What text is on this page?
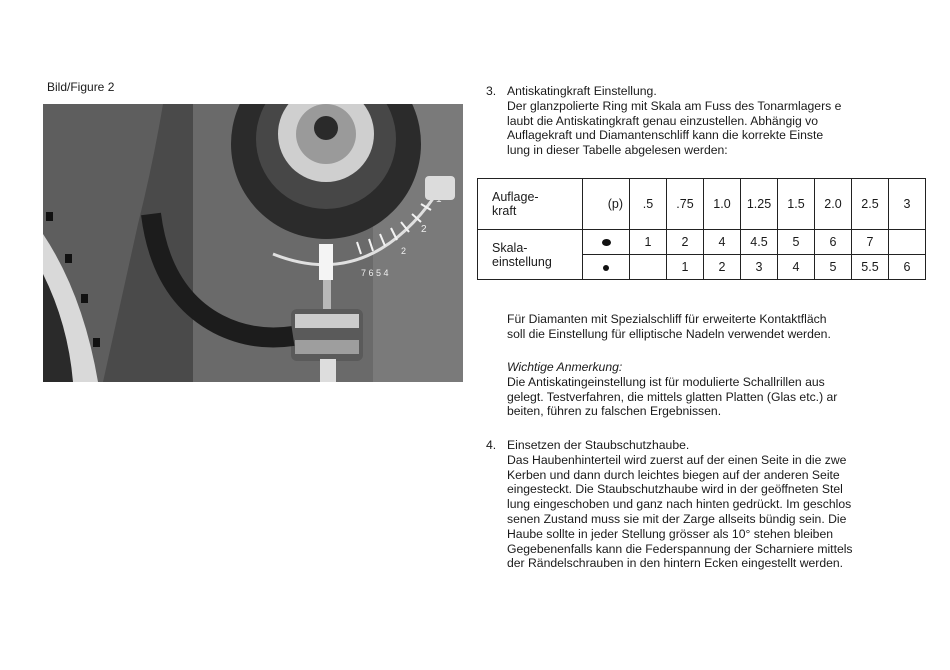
Bild/Figure 2
2
7 6 5 4
2
3. Antiskatingkraft Einstellung.
Der glanzpolierte Ring mit Skala am Fuss des Tonarmlagers e
laubt die Antiskatingkraft genau einzustellen. Abhängig vo
Auflagekraft und Diamantenschliff kann die korrekte Einste
lung in dieser Tabelle abgelesen werden:
Auflage-
kraft	(p)	.5	.75	1.0	1.25	1.5	2.0	2.5	3
Skala-
einstellung		1	2	4	4.5	5	6	7	
			1	2	3	4	5	5.5	6
Für Diamanten mit Spezialschliff für erweiterte Kontaktfläch
soll die Einstellung für elliptische Nadeln verwendet werden.
Wichtige Anmerkung:
Die Antiskatingeinstellung ist für modulierte Schallrillen aus
gelegt. Testverfahren, die mittels glatten Platten (Glas etc.) ar
beiten, führen zu falschen Ergebnissen.
4. Einsetzen der Staubschutzhaube.
Das Haubenhinterteil wird zuerst auf der einen Seite in die zwe
Kerben und dann durch leichtes biegen auf der anderen Seite
eingesteckt. Die Staubschutzhaube wird in der geöffneten Stel
lung eingeschoben und ganz nach hinten gedrückt. Im geschlos
senen Zustand muss sie mit der Zarge allseits bündig sein. Die
Haube sollte in jeder Stellung grösser als 10° stehen bleiben
Gegebenenfalls kann die Federspannung der Scharniere mittels
der Rändelschrauben in den hintern Ecken eingestellt werden.
